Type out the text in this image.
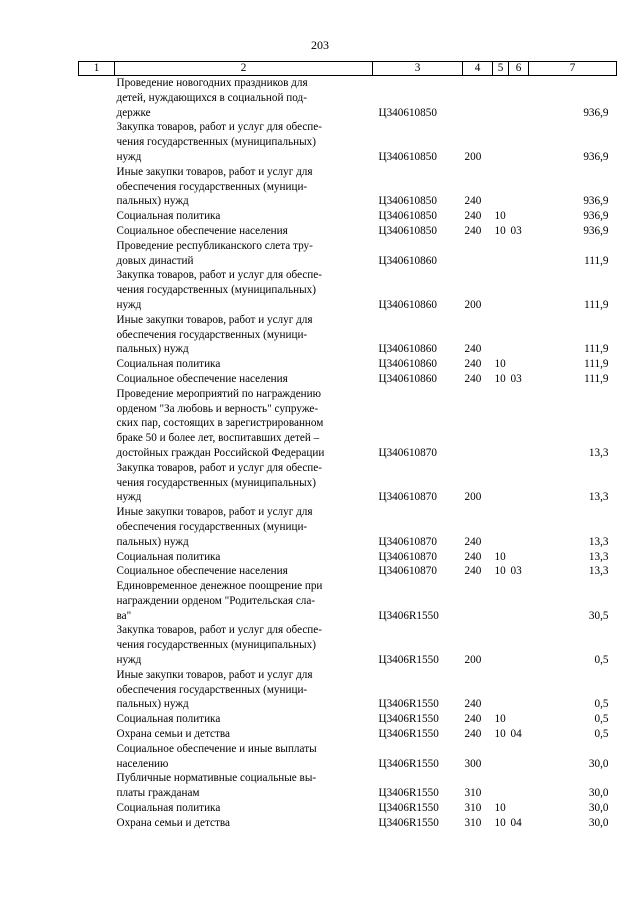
203
1	2	3	4	5	6	7

	Проведение новогодних праздников для
детей, нуждающихся в социальной под-
держке	Ц340610850				936,9

	Закупка товаров, работ и услуг для обеспе-
чения государственных (муниципальных)
нужд	Ц340610850	200			936,9

	Иные закупки товаров, работ и услуг для
обеспечения государственных (муници-
пальных) нужд	Ц340610850	240			936,9

	Социальная политика	Ц340610850	240	10		936,9

	Социальное обеспечение населения	Ц340610850	240	10	03	936,9

	Проведение республиканского слета тру-
довых династий	Ц340610860				111,9

	Закупка товаров, работ и услуг для обеспе-
чения государственных (муниципальных)
нужд	Ц340610860	200			111,9

	Иные закупки товаров, работ и услуг для
обеспечения государственных (муници-
пальных) нужд	Ц340610860	240			111,9

	Социальная политика	Ц340610860	240	10		111,9

	Социальное обеспечение населения	Ц340610860	240	10	03	111,9

	Проведение мероприятий по награждению
орденом "За любовь и верность" супруже-
ских пар, состоящих в зарегистрированном
браке 50 и более лет, воспитавших детей –
достойных граждан Российской Федерации	Ц340610870				13,3

	Закупка товаров, работ и услуг для обеспе-
чения государственных (муниципальных)
нужд	Ц340610870	200			13,3

	Иные закупки товаров, работ и услуг для
обеспечения государственных (муници-
пальных) нужд	Ц340610870	240			13,3

	Социальная политика	Ц340610870	240	10		13,3

	Социальное обеспечение населения	Ц340610870	240	10	03	13,3

	Единовременное денежное поощрение при
награждении орденом "Родительская сла-
ва"	Ц3406R1550				30,5

	Закупка товаров, работ и услуг для обеспе-
чения государственных (муниципальных)
нужд	Ц3406R1550	200			0,5

	Иные закупки товаров, работ и услуг для
обеспечения государственных (муници-
пальных) нужд	Ц3406R1550	240			0,5

	Социальная политика	Ц3406R1550	240	10		0,5

	Охрана семьи и детства	Ц3406R1550	240	10	04	0,5

	Социальное обеспечение и иные выплаты
населению	Ц3406R1550	300			30,0

	Публичные нормативные социальные вы-
платы гражданам	Ц3406R1550	310			30,0

	Социальная политика	Ц3406R1550	310	10		30,0

	Охрана семьи и детства	Ц3406R1550	310	10	04	30,0
